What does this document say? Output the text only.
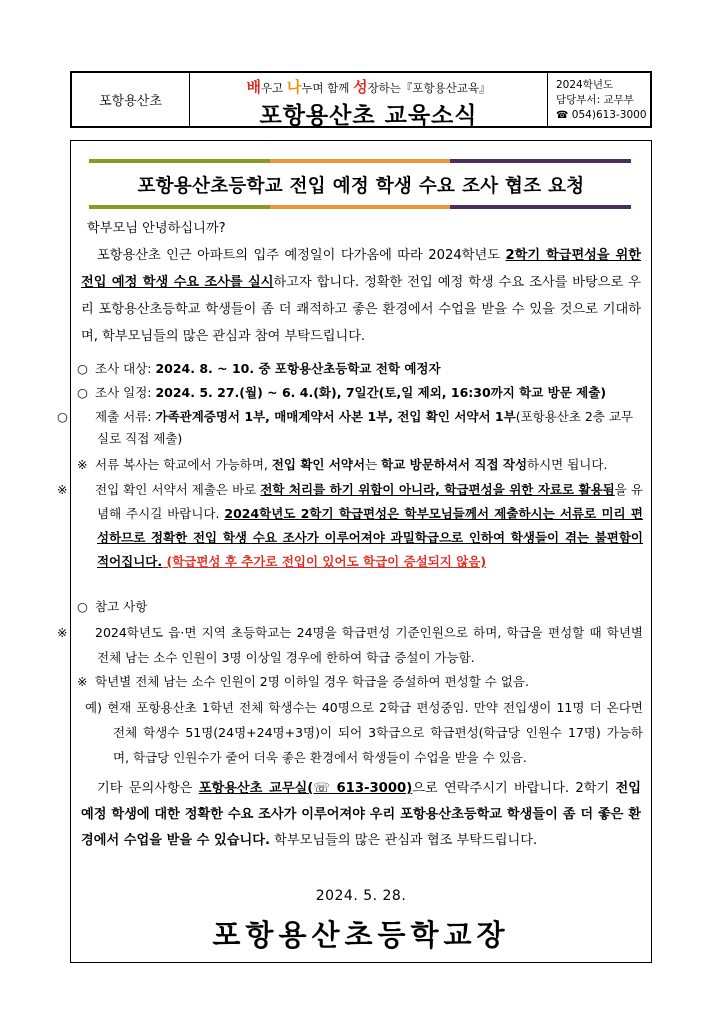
포항용산초
배우고 나누며 함께 성장하는『포항용산교육』
포항용산초 교육소식
2024학년도
담당부서: 교무부
☎ 054)613-3000
포항용산초등학교 전입 예정 학생 수요 조사 협조 요청
학부모님 안녕하십니까?
포항용산초 인근 아파트의 입주 예정일이 다가옴에 따라 2024학년도 2학기 학급편성을 위한 전입 예정 학생 수요 조사를 실시하고자 합니다. 정확한 전입 예정 학생 수요 조사를 바탕으로 우리 포항용산초등학교 학생들이 좀 더 쾌적하고 좋은 환경에서 수업을 받을 수 있을 것으로 기대하며, 학부모님들의 많은 관심과 참여 부탁드립니다.
○ 조사 대상: 2024. 8. ~ 10. 중 포항용산초등학교 전학 예정자
○ 조사 일정: 2024. 5. 27.(월) ~ 6. 4.(화), 7일간(토,일 제외, 16:30까지 학교 방문 제출)
○ 제출 서류: 가족관계증명서 1부, 매매계약서 사본 1부, 전입 확인 서약서 1부(포항용산초 2층 교무실로 직접 제출)
※ 서류 복사는 학교에서 가능하며, 전입 확인 서약서는 학교 방문하셔서 직접 작성하시면 됩니다.
※ 전입 확인 서약서 제출은 바로 전학 처리를 하기 위함이 아니라, 학급편성을 위한 자료로 활용됨을 유념해 주시길 바랍니다. 2024학년도 2학기 학급편성은 학부모님들께서 제출하시는 서류로 미리 편성하므로 정확한 전입 학생 수요 조사가 이루어져야 과밀학급으로 인하여 학생들이 겪는 불편함이 적어집니다. (학급편성 후 추가로 전입이 있어도 학급이 증설되지 않음)
○ 참고 사항
※ 2024학년도 읍·면 지역 초등학교는 24명을 학급편성 기준인원으로 하며, 학급을 편성할 때 학년별 전체 남는 소수 인원이 3명 이상일 경우에 한하여 학급 증설이 가능함.
※ 학년별 전체 남는 소수 인원이 2명 이하일 경우 학급을 증설하여 편성할 수 없음.
예) 현재 포항용산초 1학년 전체 학생수는 40명으로 2학급 편성중임. 만약 전입생이 11명 더 온다면 전체 학생수 51명(24명+24명+3명)이 되어 3학급으로 학급편성(학급당 인원수 17명) 가능하며, 학급당 인원수가 줄어 더욱 좋은 환경에서 학생들이 수업을 받을 수 있음.
기타 문의사항은 포항용산초 교무실(☏ 613-3000)으로 연락주시기 바랍니다. 2학기 전입 예정 학생에 대한 정확한 수요 조사가 이루어져야 우리 포항용산초등학교 학생들이 좀 더 좋은 환경에서 수업을 받을 수 있습니다. 학부모님들의 많은 관심과 협조 부탁드립니다.
2024. 5. 28.
포항용산초등학교장
